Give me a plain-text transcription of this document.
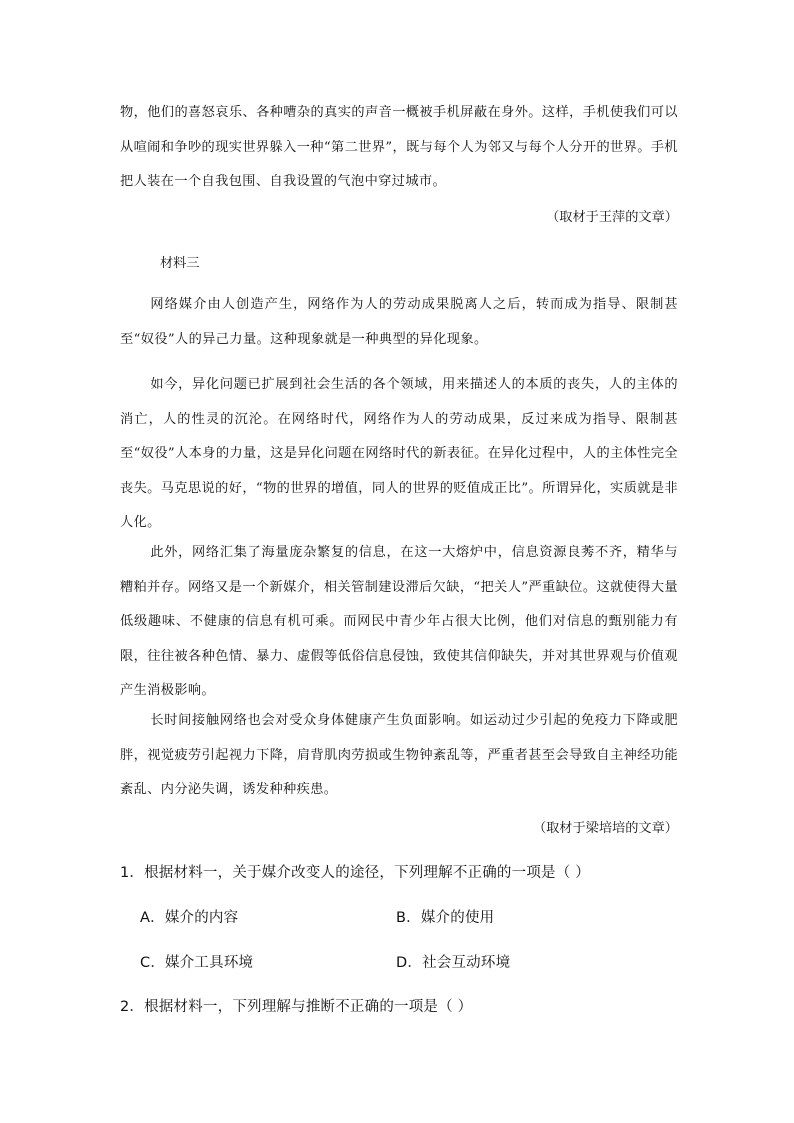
物，他们的喜怒哀乐、各种嘈杂的真实的声音一概被手机屏蔽在身外。这样，手机使我们可以从喧闹和争吵的现实世界躲入一种“第二世界”，既与每个人为邻又与每个人分开的世界。手机把人装在一个自我包围、自我设置的气泡中穿过城市。

（取材于王萍的文章）

材料三

网络媒介由人创造产生，网络作为人的劳动成果脱离人之后，转而成为指导、限制甚至“奴役”人的异己力量。这种现象就是一种典型的异化现象。

如今，异化问题已扩展到社会生活的各个领域，用来描述人的本质的丧失，人的主体的消亡，人的性灵的沉沦。在网络时代，网络作为人的劳动成果，反过来成为指导、限制甚至“奴役”人本身的力量，这是异化问题在网络时代的新表征。在异化过程中，人的主体性完全丧失。马克思说的好，“物的世界的增值，同人的世界的贬值成正比”。所谓异化，实质就是非人化。

此外，网络汇集了海量庞杂繁复的信息，在这一大熔炉中，信息资源良莠不齐，精华与糟粕并存。网络又是一个新媒介，相关管制建设滞后欠缺，“把关人”严重缺位。这就使得大量低级趣味、不健康的信息有机可乘。而网民中青少年占很大比例，他们对信息的甄别能力有限，往往被各种色情、暴力、虚假等低俗信息侵蚀，致使其信仰缺失，并对其世界观与价值观产生消极影响。

长时间接触网络也会对受众身体健康产生负面影响。如运动过少引起的免疫力下降或肥胖，视觉疲劳引起视力下降，肩背肌肉劳损或生物钟紊乱等，严重者甚至会导致自主神经功能紊乱、内分泌失调，诱发种种疾患。

（取材于梁培培的文章）

1．根据材料一，关于媒介改变人的途径，下列理解不正确的一项是（ ）

A．媒介的内容	B．媒介的使用

C．媒介工具环境	D．社会互动环境

2．根据材料一，下列理解与推断不正确的一项是（ ）
